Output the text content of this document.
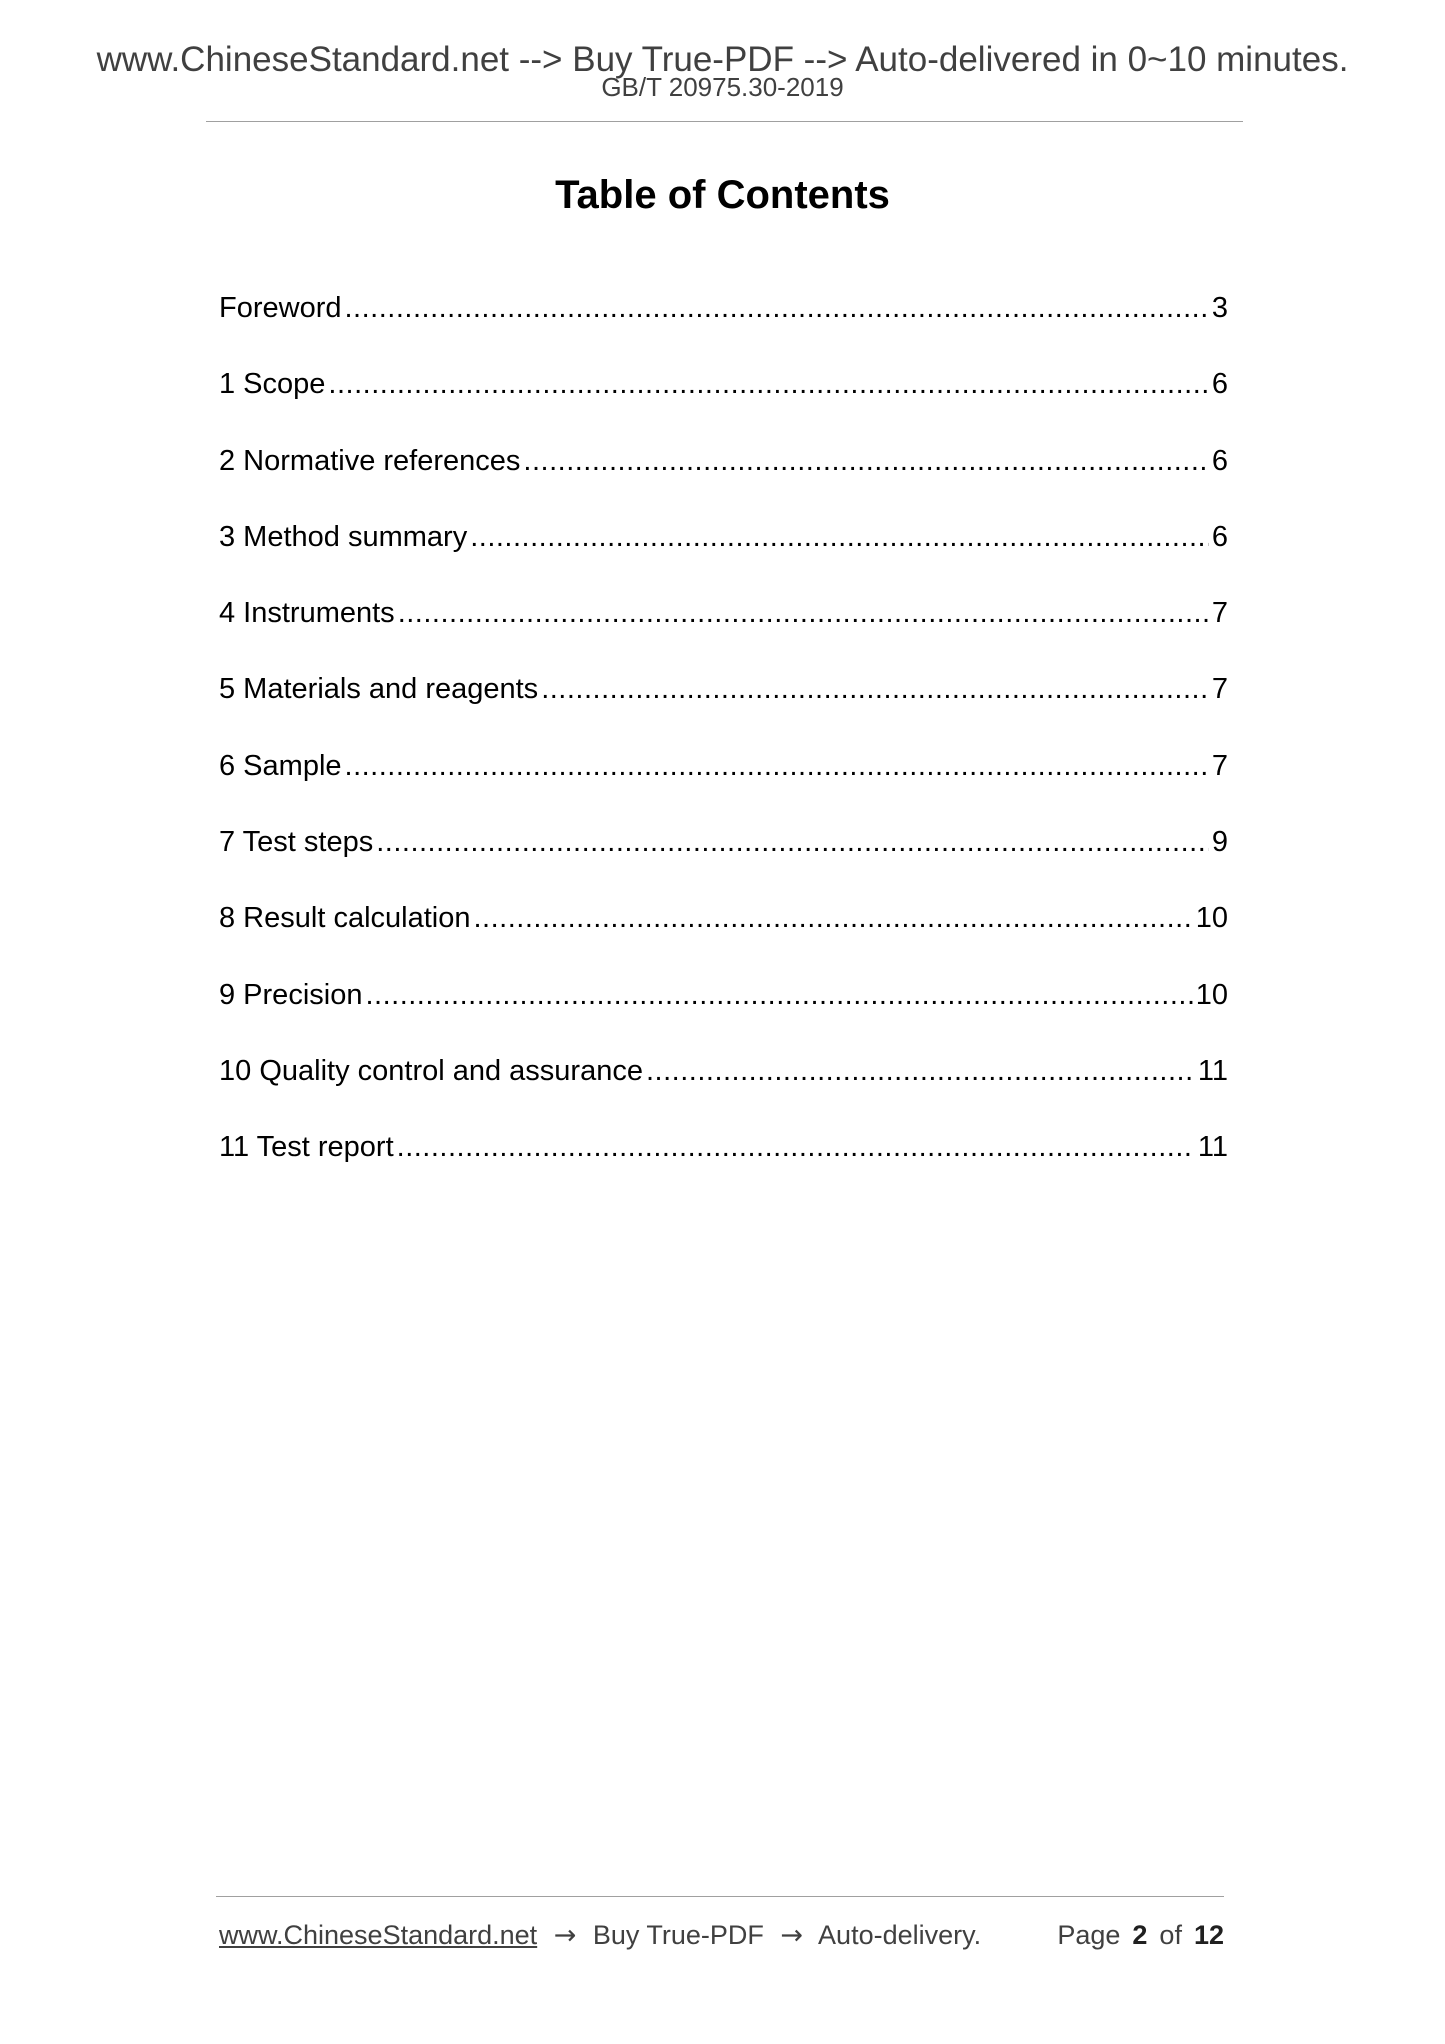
www.ChineseStandard.net --> Buy True-PDF --> Auto-delivered in 0~10 minutes.
GB/T 20975.30-2019
Table of Contents
Foreword .....	3
1 Scope .....	6
2 Normative references .....	6
3 Method summary .....	6
4 Instruments .....	7
5 Materials and reagents .....	7
6 Sample .....	7
7 Test steps .....	9
8 Result calculation .....	10
9 Precision .....	10
10 Quality control and assurance .....	11
11 Test report .....	11
www.ChineseStandard.net → Buy True-PDF → Auto-delivery.	Page 2 of 12
